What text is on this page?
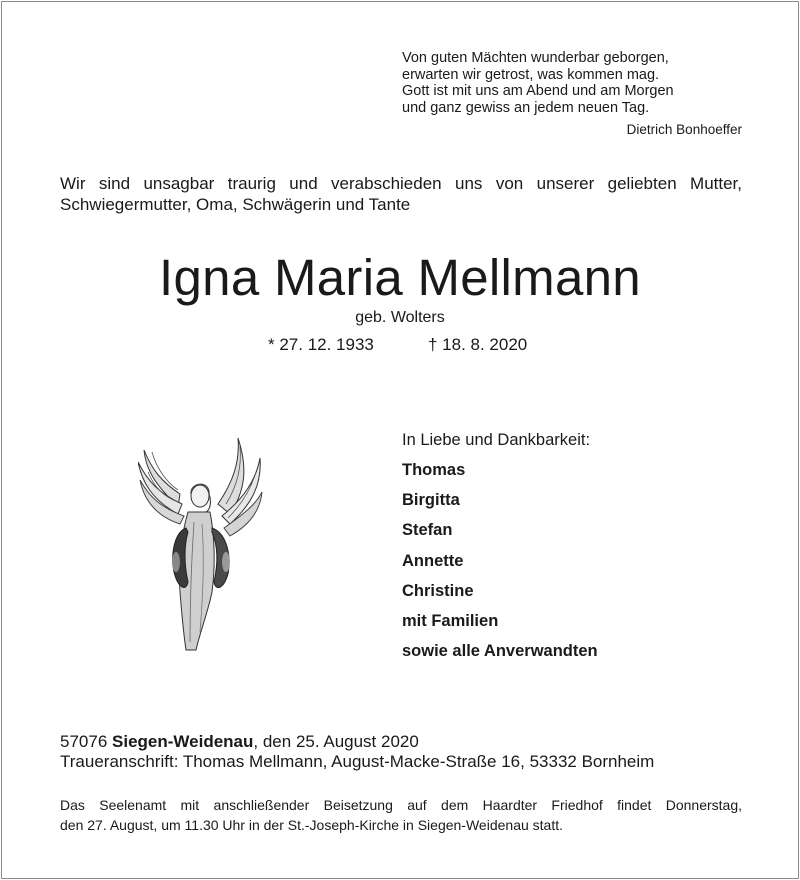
Von guten Mächten wunderbar geborgen,
erwarten wir getrost, was kommen mag.
Gott ist mit uns am Abend und am Morgen
und ganz gewiss an jedem neuen Tag.
Dietrich Bonhoeffer
Wir sind unsagbar traurig und verabschieden uns von unserer geliebten Mutter,
Schwiegermutter, Oma, Schwägerin und Tante
Igna Maria Mellmann
geb. Wolters
* 27. 12. 1933	† 18. 8. 2020
In Liebe und Dankbarkeit:
Thomas
Birgitta
Stefan
Annette
Christine
mit Familien
sowie alle Anverwandten
57076 Siegen-Weidenau, den 25. August 2020
Traueranschrift: Thomas Mellmann, August-Macke-Straße 16, 53332 Bornheim
Das Seelenamt mit anschließender Beisetzung auf dem Haardter Friedhof findet Donnerstag,
den 27. August, um 11.30 Uhr in der St.-Joseph-Kirche in Siegen-Weidenau statt.
